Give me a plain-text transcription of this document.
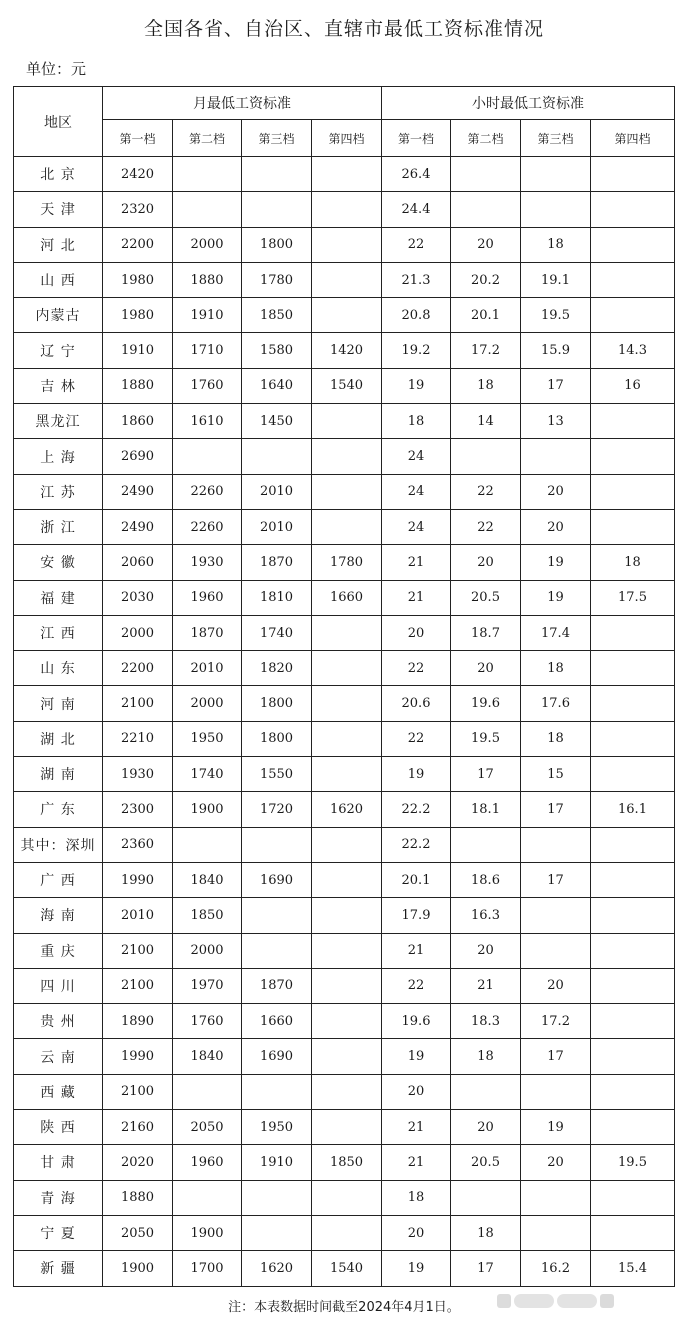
全国各省、自治区、直辖市最低工资标准情况
单位：元
地区	月最低工资标准				小时最低工资标准			
	第一档	第二档	第三档	第四档	第一档	第二档	第三档	第四档
北 京	2420				26.4			
天 津	2320				24.4			
河 北	2200	2000	1800		22	20	18	
山 西	1980	1880	1780		21.3	20.2	19.1	
内蒙古	1980	1910	1850		20.8	20.1	19.5	
辽 宁	1910	1710	1580	1420	19.2	17.2	15.9	14.3
吉 林	1880	1760	1640	1540	19	18	17	16
黑龙江	1860	1610	1450		18	14	13	
上 海	2690				24			
江 苏	2490	2260	2010		24	22	20	
浙 江	2490	2260	2010		24	22	20	
安 徽	2060	1930	1870	1780	21	20	19	18
福 建	2030	1960	1810	1660	21	20.5	19	17.5
江 西	2000	1870	1740		20	18.7	17.4	
山 东	2200	2010	1820		22	20	18	
河 南	2100	2000	1800		20.6	19.6	17.6	
湖 北	2210	1950	1800		22	19.5	18	
湖 南	1930	1740	1550		19	17	15	
广 东	2300	1900	1720	1620	22.2	18.1	17	16.1
其中：深圳	2360				22.2			
广 西	1990	1840	1690		20.1	18.6	17	
海 南	2010	1850			17.9	16.3		
重 庆	2100	2000			21	20		
四 川	2100	1970	1870		22	21	20	
贵 州	1890	1760	1660		19.6	18.3	17.2	
云 南	1990	1840	1690		19	18	17	
西 藏	2100				20			
陕 西	2160	2050	1950		21	20	19	
甘 肃	2020	1960	1910	1850	21	20.5	20	19.5
青 海	1880				18			
宁 夏	2050	1900			20	18		
新 疆	1900	1700	1620	1540	19	17	16.2	15.4
注：本表数据时间截至2024年4月1日。
